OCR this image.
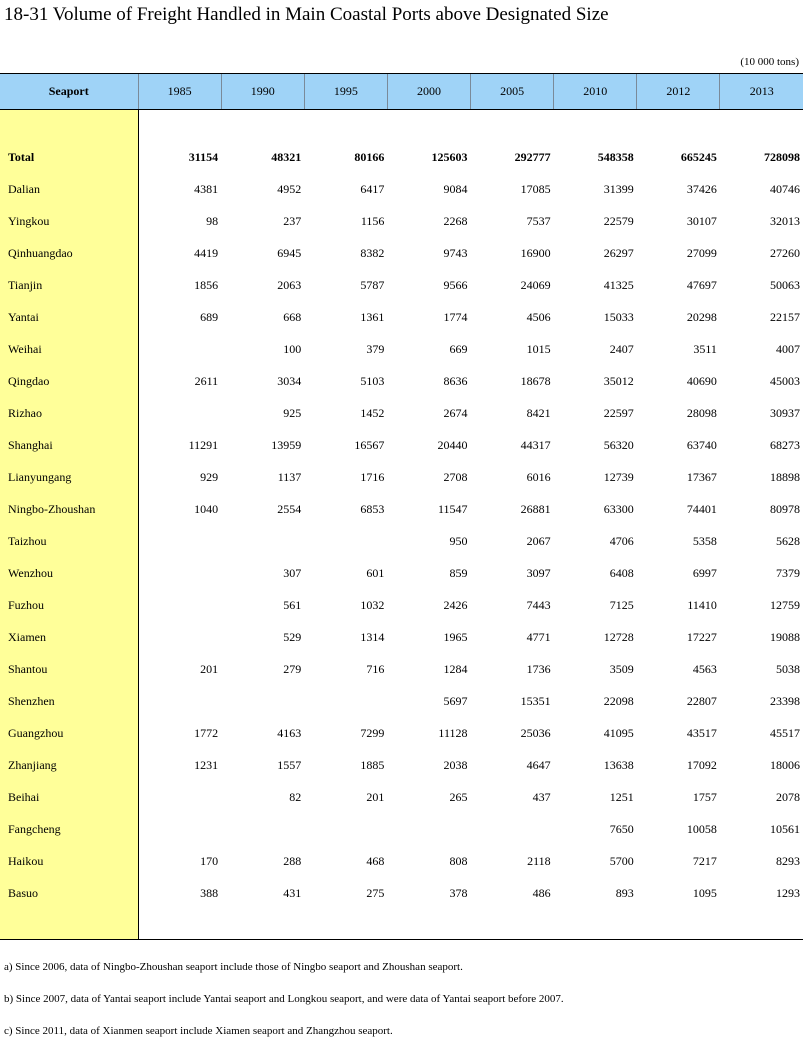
18-31 Volume of Freight Handled in Main Coastal Ports above Designated Size
(10 000 tons)
Seaport	1985	1990	1995	2000	2005	2010	2012	2013

Total	31154	48321	80166	125603	292777	548358	665245	728098
Dalian	4381	4952	6417	9084	17085	31399	37426	40746
Yingkou	98	237	1156	2268	7537	22579	30107	32013
Qinhuangdao	4419	6945	8382	9743	16900	26297	27099	27260
Tianjin	1856	2063	5787	9566	24069	41325	47697	50063
Yantai	689	668	1361	1774	4506	15033	20298	22157
Weihai		100	379	669	1015	2407	3511	4007
Qingdao	2611	3034	5103	8636	18678	35012	40690	45003
Rizhao		925	1452	2674	8421	22597	28098	30937
Shanghai	11291	13959	16567	20440	44317	56320	63740	68273
Lianyungang	929	1137	1716	2708	6016	12739	17367	18898
Ningbo-Zhoushan	1040	2554	6853	11547	26881	63300	74401	80978
Taizhou				950	2067	4706	5358	5628
Wenzhou		307	601	859	3097	6408	6997	7379
Fuzhou		561	1032	2426	7443	7125	11410	12759
Xiamen		529	1314	1965	4771	12728	17227	19088
Shantou	201	279	716	1284	1736	3509	4563	5038
Shenzhen				5697	15351	22098	22807	23398
Guangzhou	1772	4163	7299	11128	25036	41095	43517	45517
Zhanjiang	1231	1557	1885	2038	4647	13638	17092	18006
Beihai		82	201	265	437	1251	1757	2078
Fangcheng						7650	10058	10561
Haikou	170	288	468	808	2118	5700	7217	8293
Basuo	388	431	275	378	486	893	1095	1293

a) Since 2006, data of Ningbo-Zhoushan seaport include those of Ningbo seaport and Zhoushan seaport.
b) Since 2007, data of Yantai seaport include Yantai seaport and Longkou seaport, and were data of Yantai seaport before 2007.
c) Since 2011, data of Xianmen seaport include Xiamen seaport and Zhangzhou seaport.
